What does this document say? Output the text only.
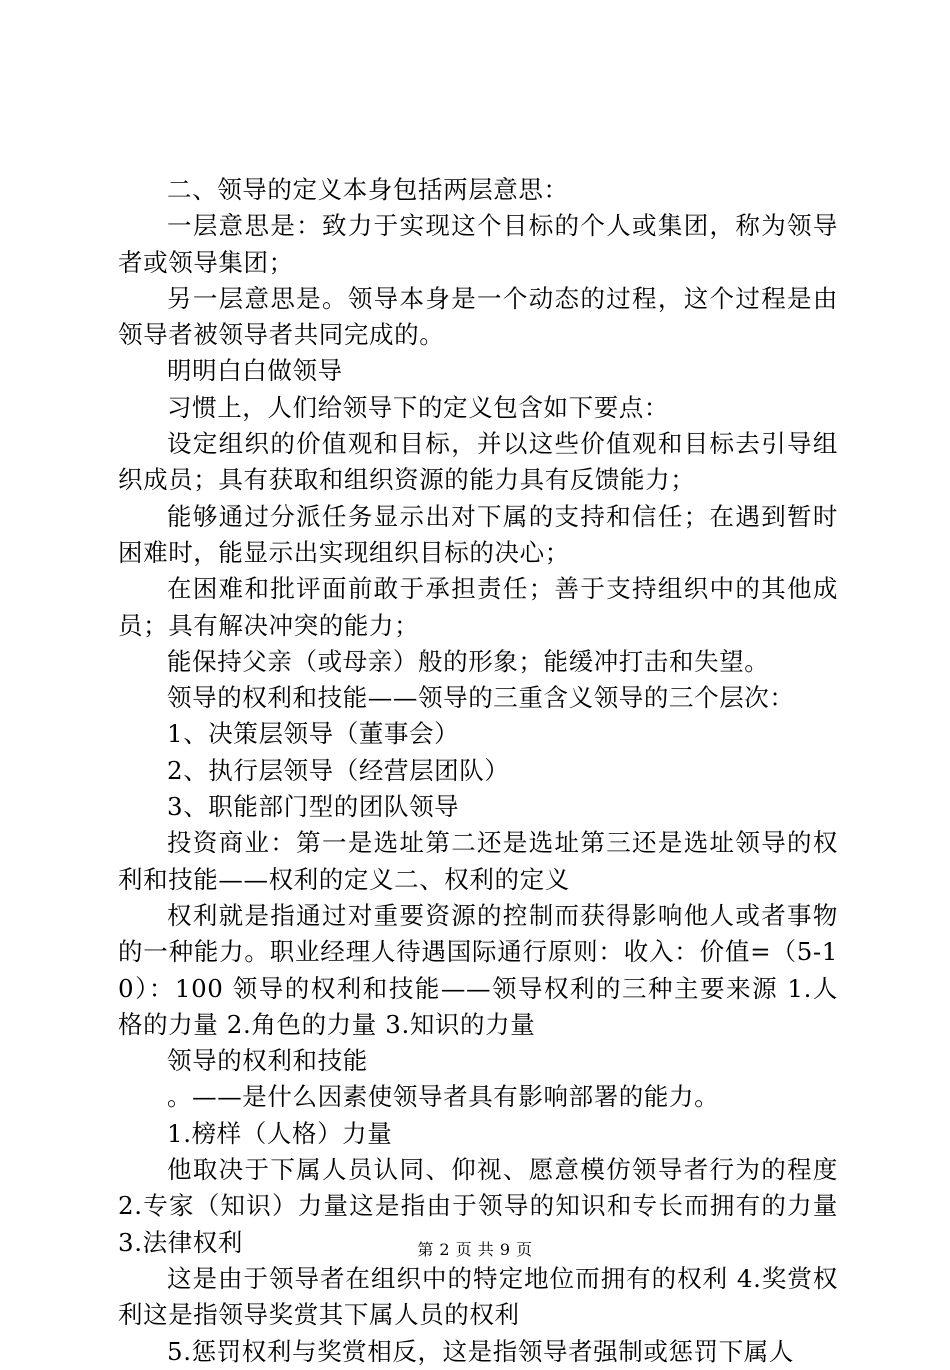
二、领导的定义本身包括两层意思：

一层意思是：致力于实现这个目标的个人或集团，称为领导者或领导集团；

另一层意思是。领导本身是一个动态的过程，这个过程是由领导者被领导者共同完成的。

明明白白做领导

习惯上，人们给领导下的定义包含如下要点：

设定组织的价值观和目标，并以这些价值观和目标去引导组织成员；具有获取和组织资源的能力具有反馈能力；

能够通过分派任务显示出对下属的支持和信任；在遇到暂时困难时，能显示出实现组织目标的决心；

在困难和批评面前敢于承担责任；善于支持组织中的其他成员；具有解决冲突的能力；

能保持父亲（或母亲）般的形象；能缓冲打击和失望。

领导的权利和技能——领导的三重含义领导的三个层次：

1、决策层领导（董事会）

2、执行层领导（经营层团队）

3、职能部门型的团队领导

投资商业：第一是选址第二还是选址第三还是选址领导的权利和技能——权利的定义二、权利的定义

权利就是指通过对重要资源的控制而获得影响他人或者事物的一种能力。职业经理人待遇国际通行原则：收入：价值=（5-10）：100 领导的权利和技能——领导权利的三种主要来源 1.人格的力量 2.角色的力量 3.知识的力量

领导的权利和技能

。——是什么因素使领导者具有影响部署的能力。

1.榜样（人格）力量

他取决于下属人员认同、仰视、愿意模仿领导者行为的程度 2.专家（知识）力量这是指由于领导的知识和专长而拥有的力量 3.法律权利

这是由于领导者在组织中的特定地位而拥有的权利 4.奖赏权利这是指领导奖赏其下属人员的权利

5.惩罚权利与奖赏相反，这是指领导者强制或惩罚下属人

第 2 页 共 9 页
